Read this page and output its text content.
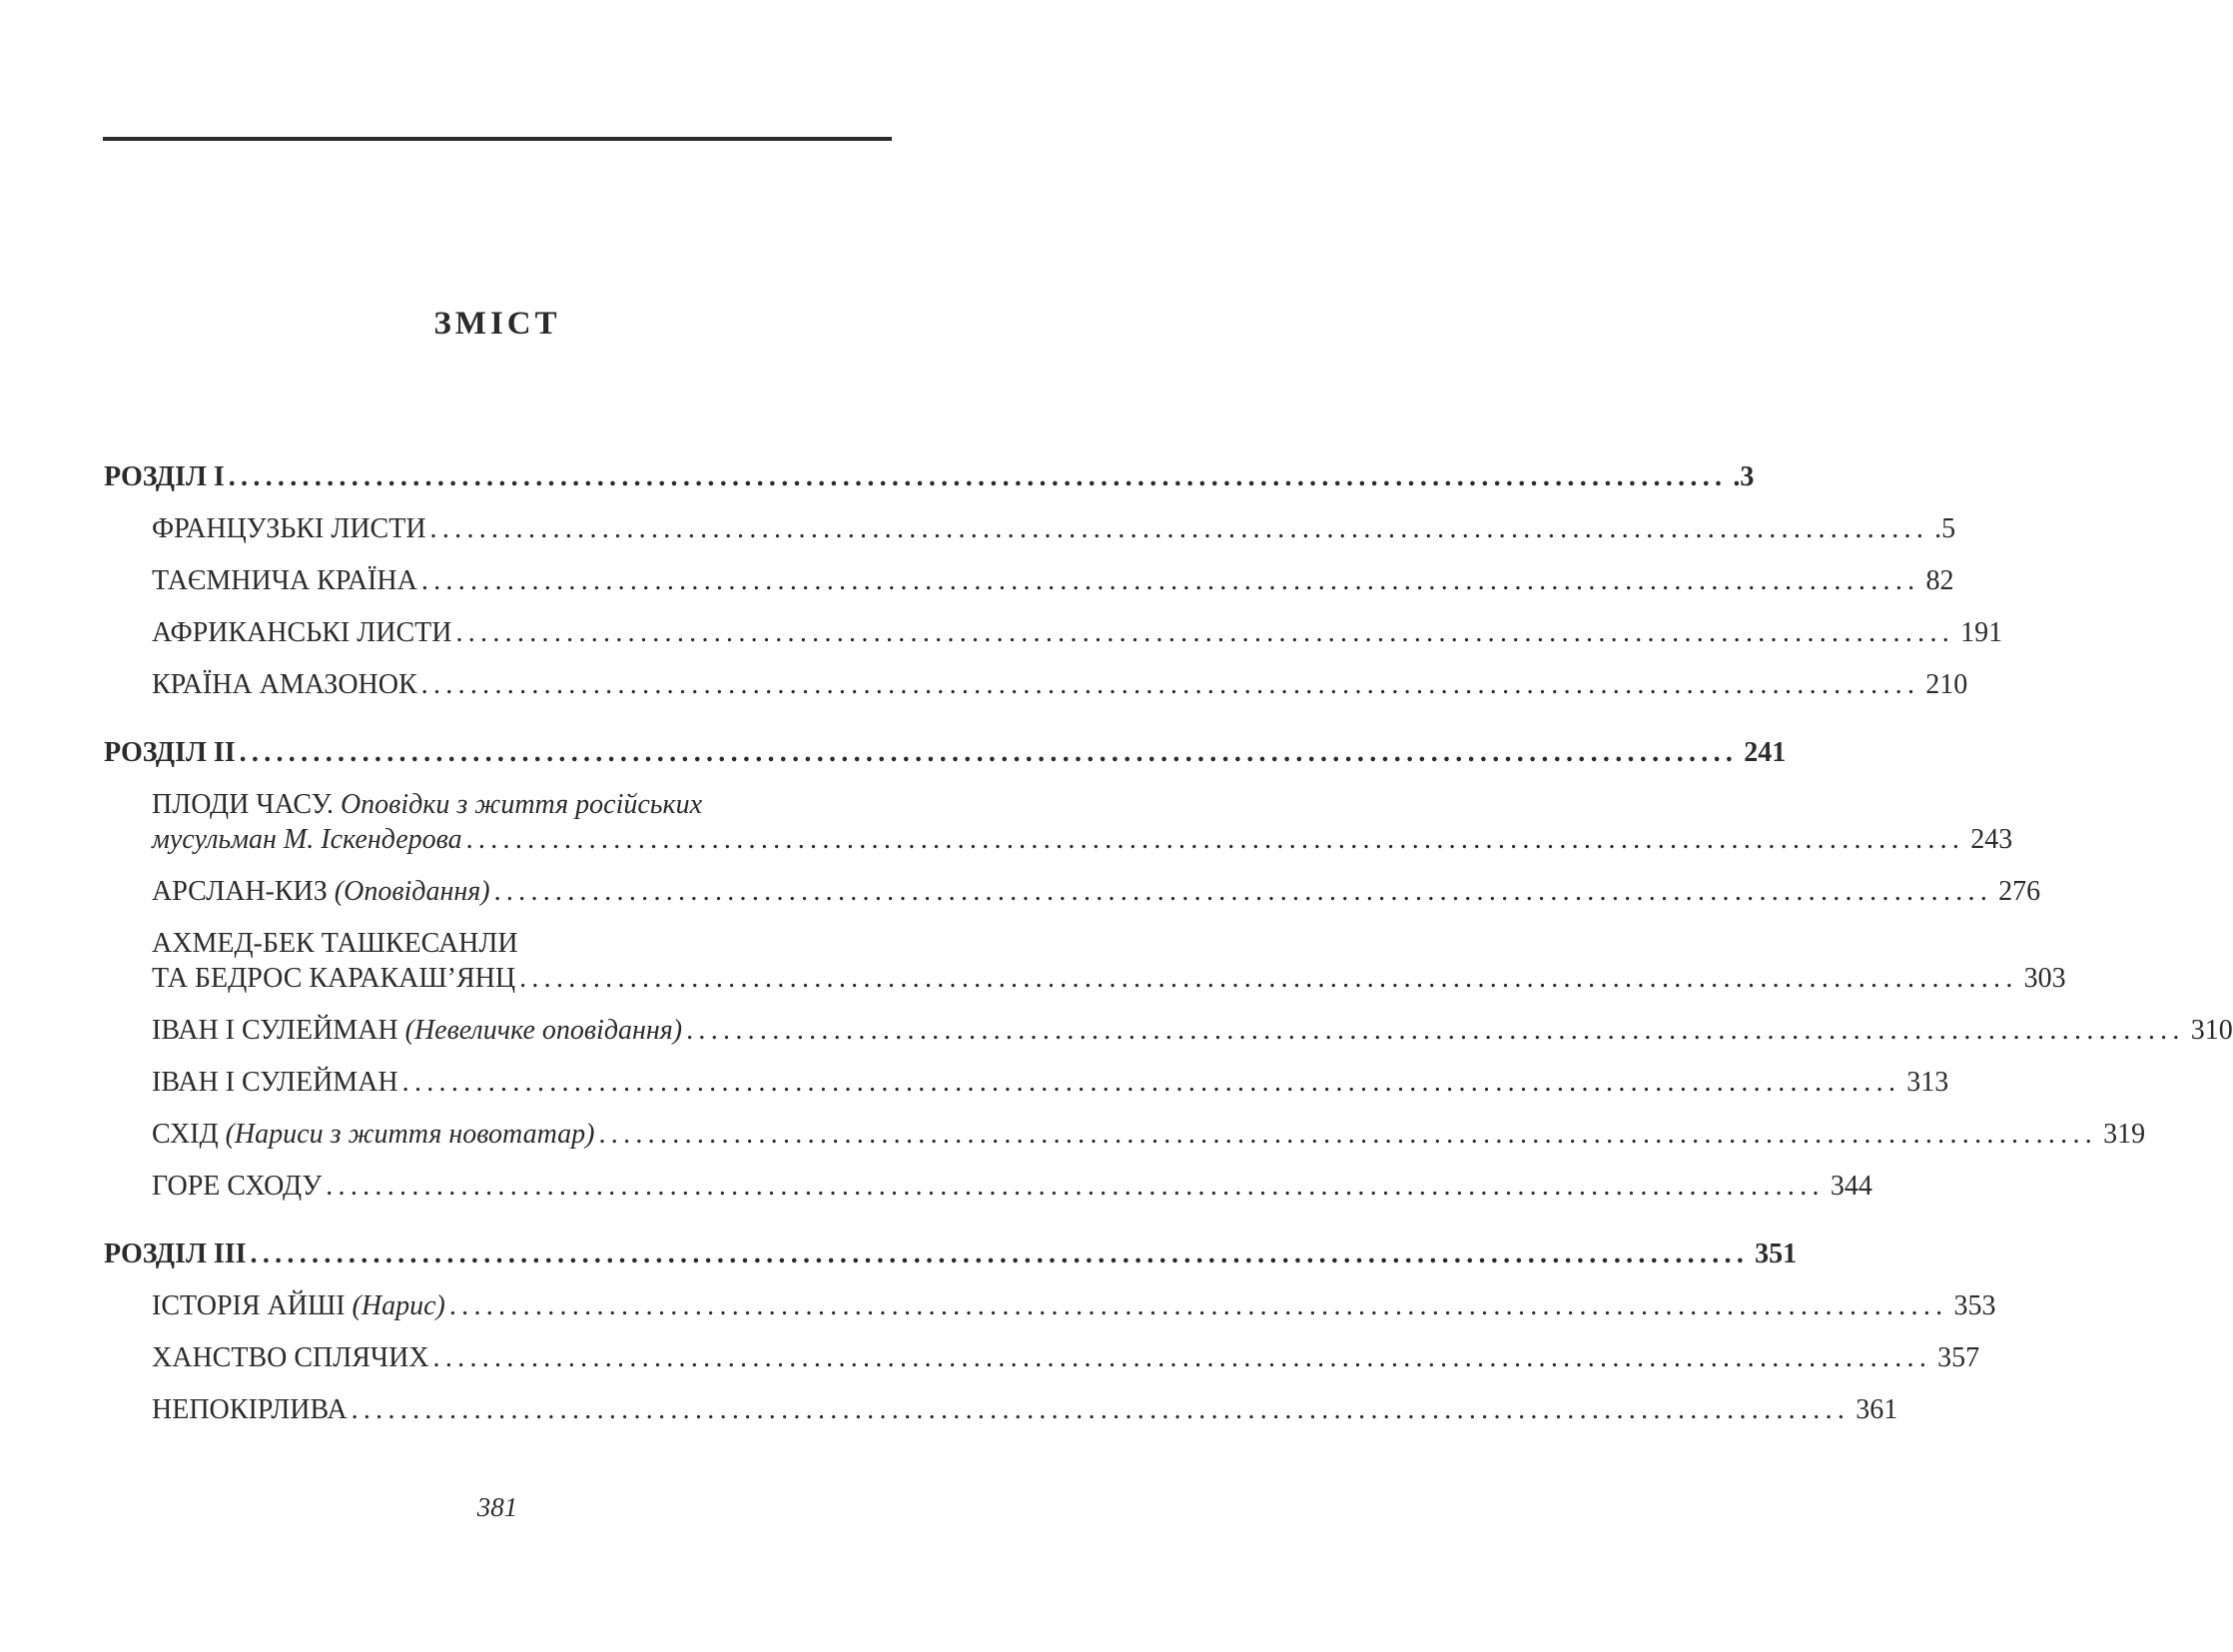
ЗМІСТ
РОЗДІЛ І .......................................................................................................................... .3
ФРАНЦУЗЬКІ ЛИСТИ .......................................................................................................................... .5
ТАЄМНИЧА КРАЇНА .......................................................................................................................... 82
АФРИКАНСЬКІ ЛИСТИ .......................................................................................................................... 191
КРАЇНА АМАЗОНОК .......................................................................................................................... 210
РОЗДІЛ ІІ .......................................................................................................................... 241
ПЛОДИ ЧАСУ. Оповідки з життя російських
мусульман М. Іскендерова .......................................................................................................................... 243
АРСЛАН-КИЗ (Оповідання) .......................................................................................................................... 276
АХМЕД-БЕК ТАШКЕСАНЛИ
ТА БЕДРОС КАРАКАШ’ЯНЦ .......................................................................................................................... 303
ІВАН І СУЛЕЙМАН (Невеличке оповідання) .......................................................................................................................... 310
ІВАН І СУЛЕЙМАН .......................................................................................................................... 313
СХІД (Нариси з життя новотатар) .......................................................................................................................... 319
ГОРЕ СХОДУ .......................................................................................................................... 344
РОЗДІЛ ІІІ .......................................................................................................................... 351
ІСТОРІЯ АЙШІ (Нарис) .......................................................................................................................... 353
ХАНСТВО СПЛЯЧИХ .......................................................................................................................... 357
НЕПОКІРЛИВА .......................................................................................................................... 361
381
